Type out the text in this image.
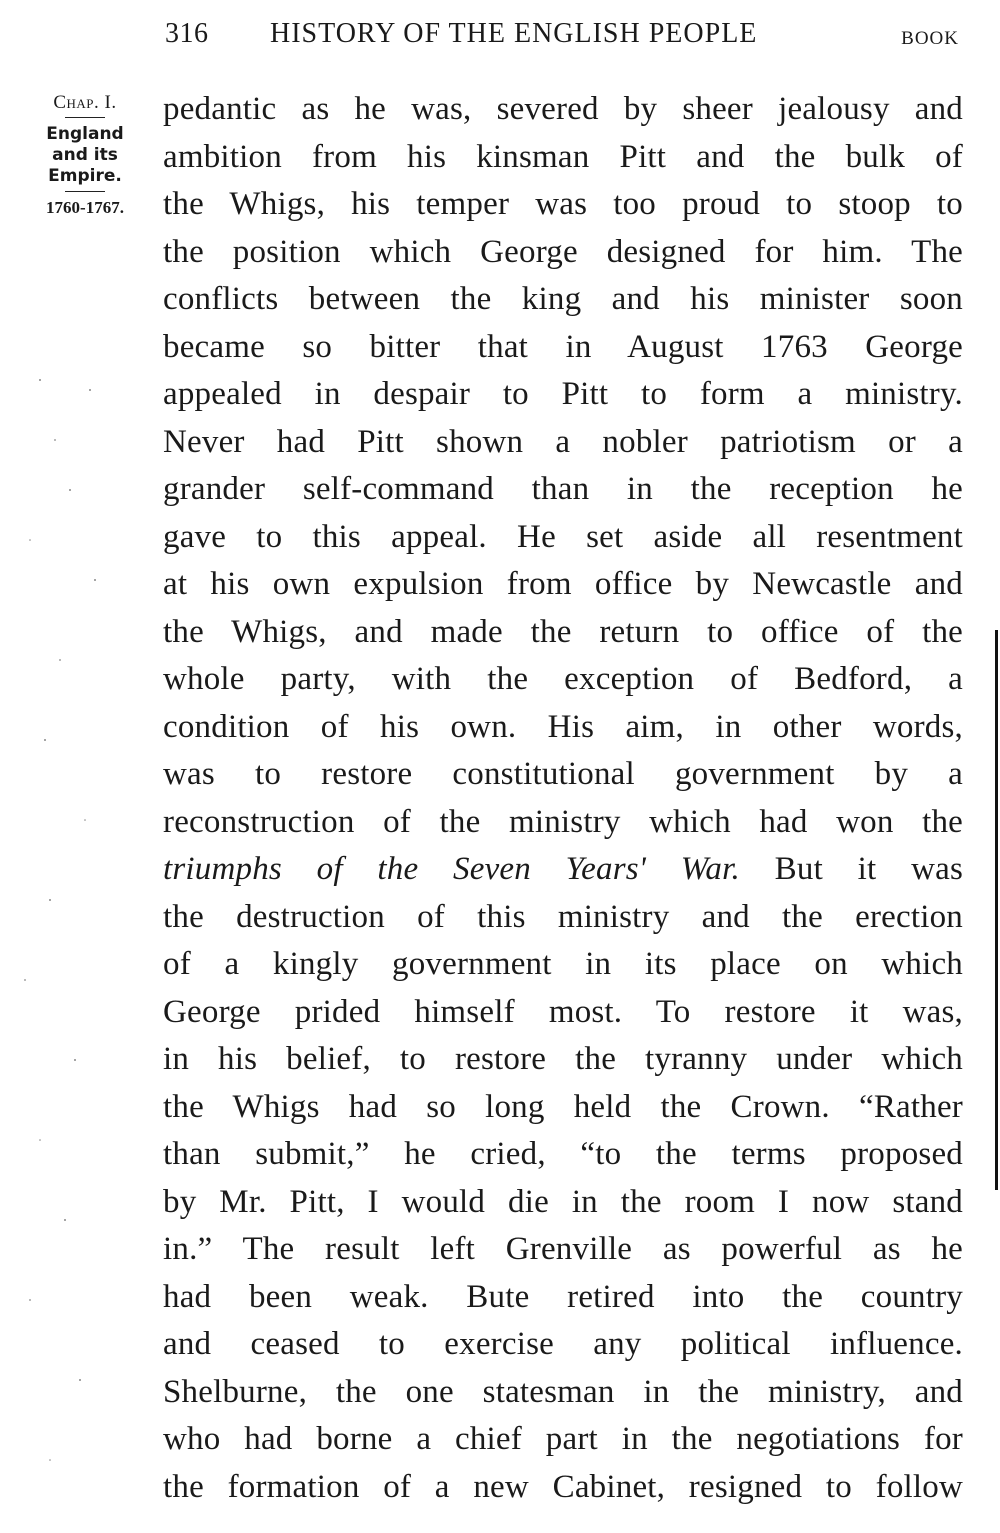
316 HISTORY OF THE ENGLISH PEOPLE	BOOK
Chap. I.
England
and its
Empire.
1760-1767.
pedantic as he was, severed by sheer jealousy and
ambition from his kinsman Pitt and the bulk of
the Whigs, his temper was too proud to stoop to
the position which George designed for him. The
conflicts between the king and his minister soon
became so bitter that in August 1763 George
appealed in despair to Pitt to form a ministry.
Never had Pitt shown a nobler patriotism or a
grander self-command than in the reception he
gave to this appeal. He set aside all resentment
at his own expulsion from office by Newcastle and
the Whigs, and made the return to office of the
whole party, with the exception of Bedford, a
condition of his own. His aim, in other words,
was to restore constitutional government by a
reconstruction of the ministry which had won the
triumphs of the Seven Years' War. But it was
the destruction of this ministry and the erection
of a kingly government in its place on which
George prided himself most. To restore it was,
in his belief, to restore the tyranny under which
the Whigs had so long held the Crown. “Rather
than submit,” he cried, “to the terms proposed
by Mr. Pitt, I would die in the room I now stand
in.” The result left Grenville as powerful as he
had been weak. Bute retired into the country
and ceased to exercise any political influence.
Shelburne, the one statesman in the ministry, and
who had borne a chief part in the negotiations for
the formation of a new Cabinet, resigned to follow
